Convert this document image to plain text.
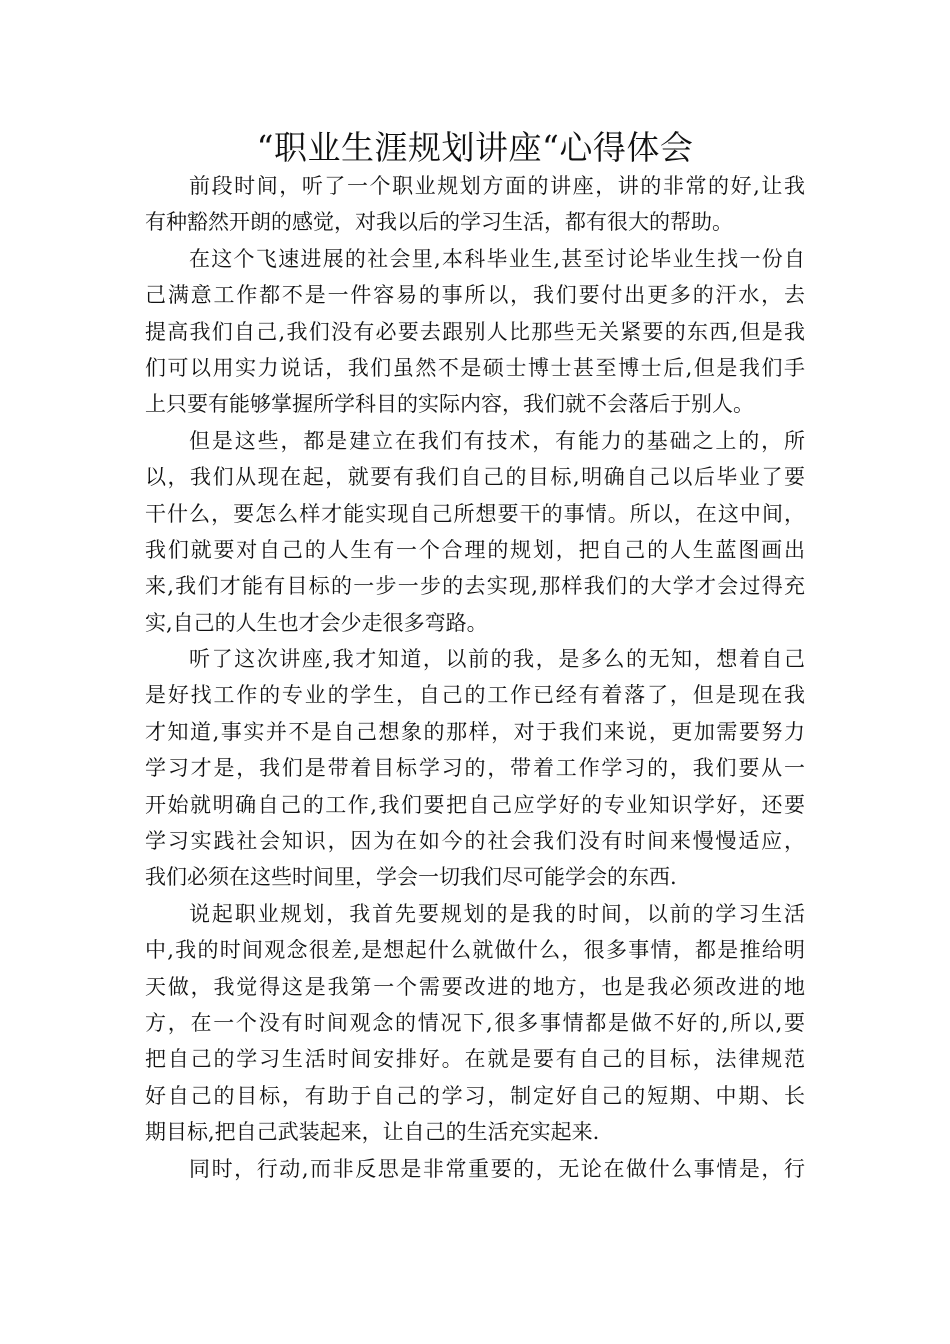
“职业生涯规划讲座“心得体会
前段时间，听了一个职业规划方面的讲座，讲的非常的好,让我
有种豁然开朗的感觉，对我以后的学习生活，都有很大的帮助。
在这个飞速进展的社会里,本科毕业生,甚至讨论毕业生找一份自
己满意工作都不是一件容易的事所以，我们要付出更多的汗水，去
提高我们自己,我们没有必要去跟别人比那些无关紧要的东西,但是我
们可以用实力说话，我们虽然不是硕士博士甚至博士后,但是我们手
上只要有能够掌握所学科目的实际内容，我们就不会落后于别人。
但是这些，都是建立在我们有技术，有能力的基础之上的，所
以，我们从现在起，就要有我们自己的目标,明确自己以后毕业了要
干什么，要怎么样才能实现自己所想要干的事情。所以，在这中间，
我们就要对自己的人生有一个合理的规划，把自己的人生蓝图画出
来,我们才能有目标的一步一步的去实现,那样我们的大学才会过得充
实,自己的人生也才会少走很多弯路。
听了这次讲座,我才知道，以前的我，是多么的无知，想着自己
是好找工作的专业的学生，自己的工作已经有着落了，但是现在我
才知道,事实并不是自己想象的那样，对于我们来说，更加需要努力
学习才是，我们是带着目标学习的，带着工作学习的，我们要从一
开始就明确自己的工作,我们要把自己应学好的专业知识学好，还要
学习实践社会知识，因为在如今的社会我们没有时间来慢慢适应，
我们必须在这些时间里，学会一切我们尽可能学会的东西.
说起职业规划，我首先要规划的是我的时间，以前的学习生活
中,我的时间观念很差,是想起什么就做什么，很多事情，都是推给明
天做，我觉得这是我第一个需要改进的地方，也是我必须改进的地
方，在一个没有时间观念的情况下,很多事情都是做不好的,所以,要
把自己的学习生活时间安排好。在就是要有自己的目标，法律规范
好自己的目标，有助于自己的学习，制定好自己的短期、中期、长
期目标,把自己武装起来，让自己的生活充实起来.
同时，行动,而非反思是非常重要的，无论在做什么事情是，行
